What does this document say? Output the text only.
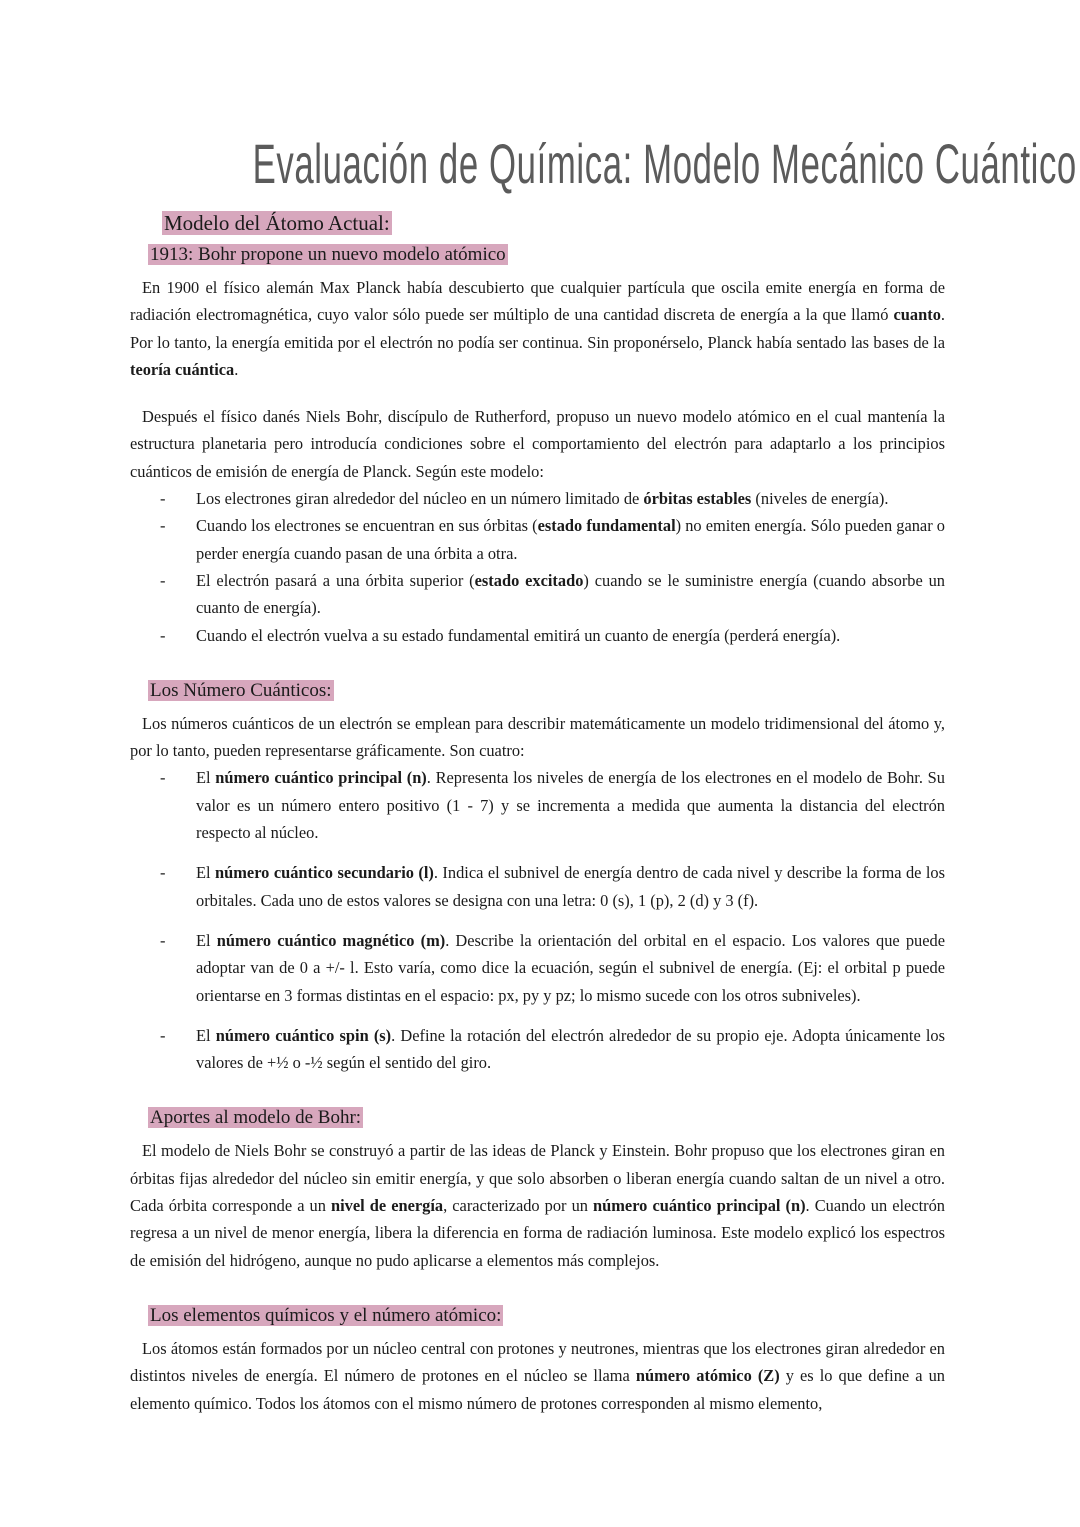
Evaluación de Química: Modelo Mecánico Cuántico
Modelo del Átomo Actual:
1913: Bohr propone un nuevo modelo atómico

En 1900 el físico alemán Max Planck había descubierto que cualquier partícula que oscila emite energía en forma de radiación electromagnética, cuyo valor sólo puede ser múltiplo de una cantidad discreta de energía a la que llamó cuanto. Por lo tanto, la energía emitida por el electrón no podía ser continua. Sin proponérselo, Planck había sentado las bases de la teoría cuántica.

Después el físico danés Niels Bohr, discípulo de Rutherford, propuso un nuevo modelo atómico en el cual mantenía la estructura planetaria pero introducía condiciones sobre el comportamiento del electrón para adaptarlo a los principios cuánticos de emisión de energía de Planck. Según este modelo:

- Los electrones giran alrededor del núcleo en un número limitado de órbitas estables (niveles de energía).
- Cuando los electrones se encuentran en sus órbitas (estado fundamental) no emiten energía. Sólo pueden ganar o perder energía cuando pasan de una órbita a otra.
- El electrón pasará a una órbita superior (estado excitado) cuando se le suministre energía (cuando absorbe un cuanto de energía).
- Cuando el electrón vuelva a su estado fundamental emitirá un cuanto de energía (perderá energía).
Los Número Cuánticos:

Los números cuánticos de un electrón se emplean para describir matemáticamente un modelo tridimensional del átomo y, por lo tanto, pueden representarse gráficamente. Son cuatro:

- El número cuántico principal (n). Representa los niveles de energía de los electrones en el modelo de Bohr. Su valor es un número entero positivo (1 - 7) y se incrementa a medida que aumenta la distancia del electrón respecto al núcleo.
- El número cuántico secundario (l). Indica el subnivel de energía dentro de cada nivel y describe la forma de los orbitales. Cada uno de estos valores se designa con una letra: 0 (s), 1 (p), 2 (d) y 3 (f).
- El número cuántico magnético (m). Describe la orientación del orbital en el espacio. Los valores que puede adoptar van de 0 a +/- l. Esto varía, como dice la ecuación, según el subnivel de energía. (Ej: el orbital p puede orientarse en 3 formas distintas en el espacio: px, py y pz; lo mismo sucede con los otros subniveles).
- El número cuántico spin (s). Define la rotación del electrón alrededor de su propio eje. Adopta únicamente los valores de +½ o -½ según el sentido del giro.
Aportes al modelo de Bohr:

El modelo de Niels Bohr se construyó a partir de las ideas de Planck y Einstein. Bohr propuso que los electrones giran en órbitas fijas alrededor del núcleo sin emitir energía, y que solo absorben o liberan energía cuando saltan de un nivel a otro. Cada órbita corresponde a un nivel de energía, caracterizado por un número cuántico principal (n). Cuando un electrón regresa a un nivel de menor energía, libera la diferencia en forma de radiación luminosa. Este modelo explicó los espectros de emisión del hidrógeno, aunque no pudo aplicarse a elementos más complejos.

Los elementos químicos y el número atómico:

Los átomos están formados por un núcleo central con protones y neutrones, mientras que los electrones giran alrededor en distintos niveles de energía. El número de protones en el núcleo se llama número atómico (Z) y es lo que define a un elemento químico. Todos los átomos con el mismo número de protones corresponden al mismo elemento,
